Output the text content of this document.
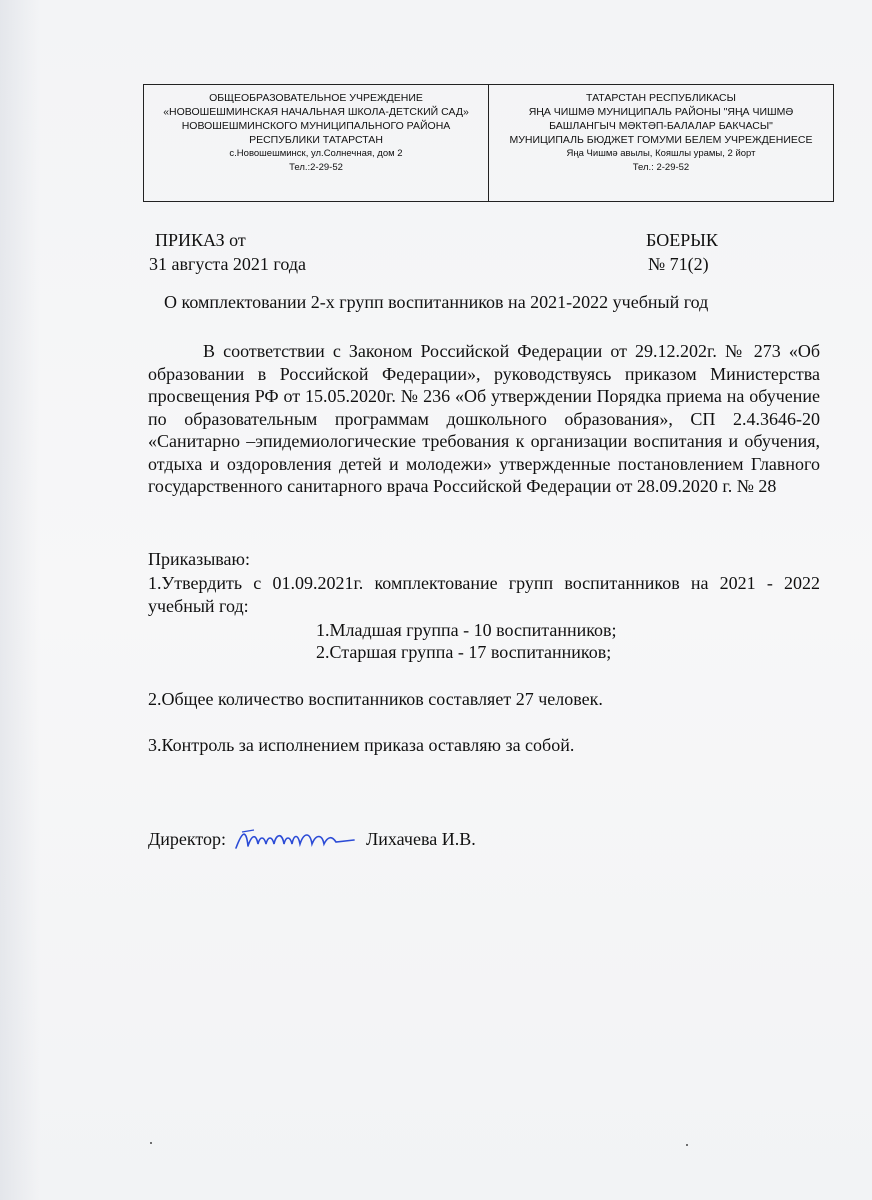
ОБЩЕОБРАЗОВАТЕЛЬНОЕ УЧРЕЖДЕНИЕ
«НОВОШЕШМИНСКАЯ НАЧАЛЬНАЯ ШКОЛА-ДЕТСКИЙ САД»
НОВОШЕШМИНСКОГО МУНИЦИПАЛЬНОГО РАЙОНА
РЕСПУБЛИКИ ТАТАРСТАН
с.Новошешминск, ул.Солнечная, дом 2
Тел.:2-29-52
ТАТАРСТАН РЕСПУБЛИКАСЫ
ЯҢА ЧИШМӘ МУНИЦИПАЛЬ РАЙОНЫ "ЯҢА ЧИШМӘ
БАШЛАНГЫЧ МӘКТӘП-БАЛАЛАР БАКЧАСЫ"
МУНИЦИПАЛЬ БЮДЖЕТ ГОМУМИ БЕЛЕМ УЧРЕЖДЕНИЕСЕ
Яңа Чишмә авылы, Кояшлы урамы, 2 йорт
Тел.: 2-29-52
ПРИКАЗ от
31 августа 2021 года
БОЕРЫК
№ 71(2)
О комплектовании 2-х групп воспитанников на 2021-2022 учебный год
В соответствии с Законом Российской Федерации от 29.12.202г. № 273 «Об образовании в Российской Федерации», руководствуясь приказом Министерства просвещения РФ от 15.05.2020г. № 236 «Об утверждении Порядка приема на обучение по образовательным программам дошкольного образования», СП 2.4.3646-20 «Санитарно –эпидемиологические требования к организации воспитания и обучения, отдыха и оздоровления детей и молодежи» утвержденные постановлением Главного государственного санитарного врача Российской Федерации от 28.09.2020 г. № 28
Приказываю:
1.Утвердить с 01.09.2021г. комплектование групп воспитанников на 2021 - 2022 учебный год:
1.Младшая группа - 10 воспитанников;
2.Старшая группа - 17 воспитанников;
2.Общее количество воспитанников составляет 27 человек.
3.Контроль за исполнением приказа оставляю за собой.
Директор:	Лихачева И.В.
